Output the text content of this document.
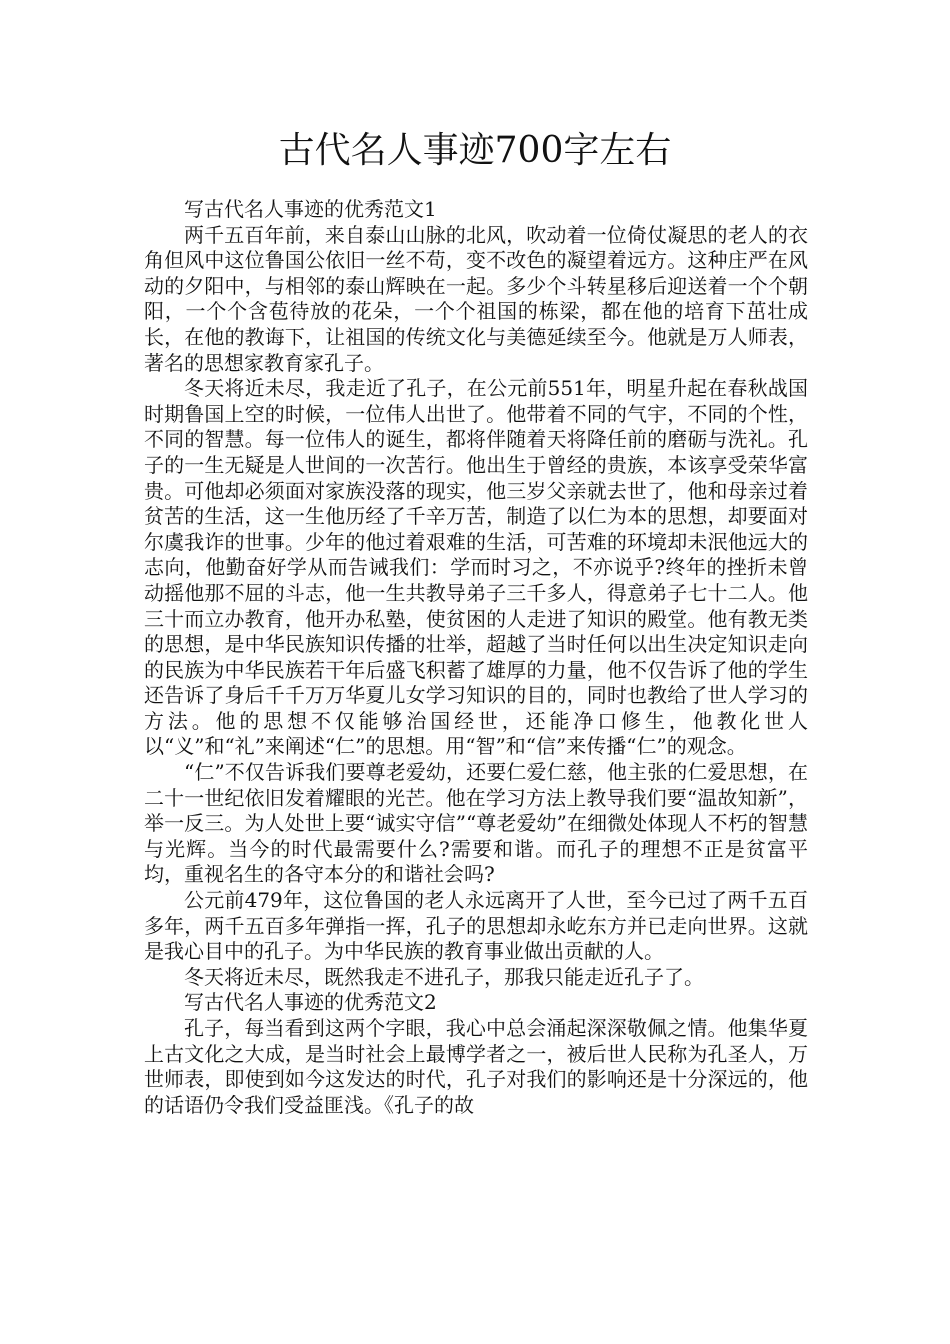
古代名人事迹700字左右

写古代名人事迹的优秀范文1

两千五百年前，来自泰山山脉的北风，吹动着一位倚仗凝思的老人的衣角但风中这位鲁国公依旧一丝不苟，变不改色的凝望着远方。这种庄严在风动的夕阳中，与相邻的泰山辉映在一起。多少个斗转星移后迎送着一个个朝阳，一个个含苞待放的花朵，一个个祖国的栋梁，都在他的培育下茁壮成长，在他的教诲下，让祖国的传统文化与美德延续至今。他就是万人师表，著名的思想家教育家孔子。

冬天将近未尽，我走近了孔子，在公元前551年，明星升起在春秋战国时期鲁国上空的时候，一位伟人出世了。他带着不同的气宇，不同的个性，不同的智慧。每一位伟人的诞生，都将伴随着天将降任前的磨砺与洗礼。孔子的一生无疑是人世间的一次苦行。他出生于曾经的贵族，本该享受荣华富贵。可他却必须面对家族没落的现实，他三岁父亲就去世了，他和母亲过着贫苦的生活，这一生他历经了千辛万苦，制造了以仁为本的思想，却要面对尔虞我诈的世事。少年的他过着艰难的生活，可苦难的环境却未泯他远大的志向，他勤奋好学从而告诫我们：学而时习之，不亦说乎?终年的挫折未曾动摇他那不屈的斗志，他一生共教导弟子三千多人，得意弟子七十二人。他三十而立办教育，他开办私塾，使贫困的人走进了知识的殿堂。他有教无类的思想，是中华民族知识传播的壮举，超越了当时任何以出生决定知识走向的民族为中华民族若干年后盛飞积蓄了雄厚的力量，他不仅告诉了他的学生还告诉了身后千千万万华夏儿女学习知识的目的，同时也教给了世人学习的方法。他的思想不仅能够治国经世，还能净口修生，他教化世人以“义”和“礼”来阐述“仁”的思想。用“智”和“信”来传播“仁”的观念。

“仁”不仅告诉我们要尊老爱幼，还要仁爱仁慈，他主张的仁爱思想，在二十一世纪依旧发着耀眼的光芒。他在学习方法上教导我们要“温故知新”，举一反三。为人处世上要“诚实守信”“尊老爱幼”在细微处体现人不朽的智慧与光辉。当今的时代最需要什么?需要和谐。而孔子的理想不正是贫富平均，重视名生的各守本分的和谐社会吗?

公元前479年，这位鲁国的老人永远离开了人世，至今已过了两千五百多年，两千五百多年弹指一挥，孔子的思想却永屹东方并已走向世界。这就是我心目中的孔子。为中华民族的教育事业做出贡献的人。

冬天将近未尽，既然我走不进孔子，那我只能走近孔子了。

写古代名人事迹的优秀范文2

孔子，每当看到这两个字眼，我心中总会涌起深深敬佩之情。他集华夏上古文化之大成，是当时社会上最博学者之一，被后世人民称为孔圣人，万世师表，即使到如今这发达的时代，孔子对我们的影响还是十分深远的，他的话语仍令我们受益匪浅。《孔子的故
